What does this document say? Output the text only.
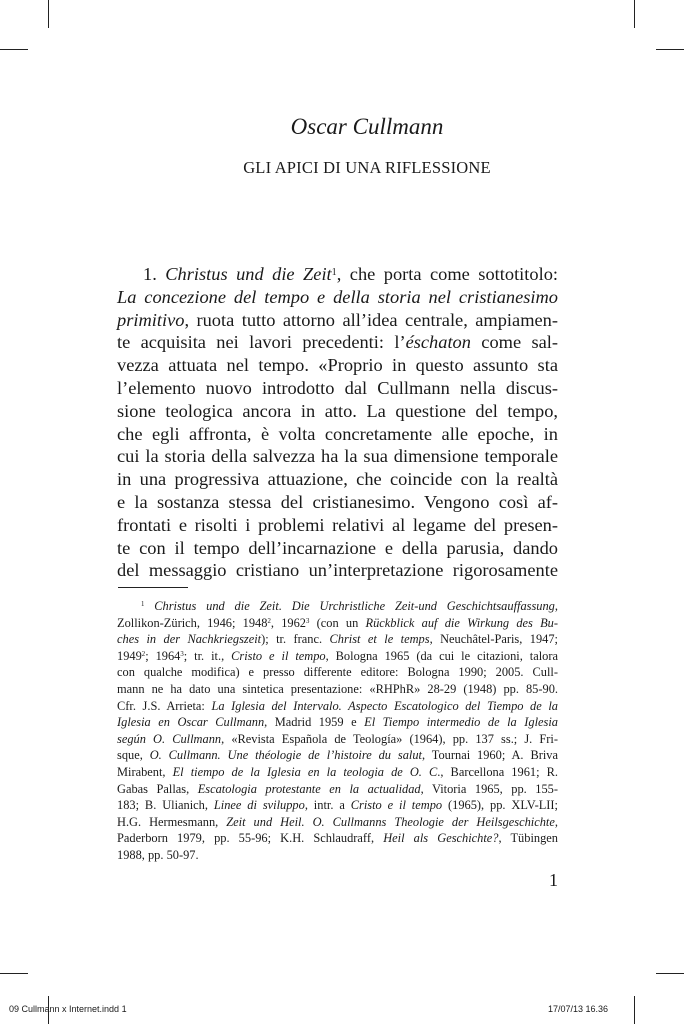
Oscar Cullmann
GLI APICI DI UNA RIFLESSIONE
1. Christus und die Zeit$^1$, che porta come sottotitolo:
La concezione del tempo e della storia nel cristianesimo
primitivo, ruota tutto attorno all’idea centrale, ampiamen-
te acquisita nei lavori precedenti: l’éschaton come sal-
vezza attuata nel tempo. «Proprio in questo assunto sta
l’elemento nuovo introdotto dal Cullmann nella discus-
sione teologica ancora in atto. La questione del tempo,
che egli affronta, è volta concretamente alle epoche, in
cui la storia della salvezza ha la sua dimensione temporale
in una progressiva attuazione, che coincide con la realtà
e la sostanza stessa del cristianesimo. Vengono così af-
frontati e risolti i problemi relativi al legame del presen-
te con il tempo dell’incarnazione e della parusia, dando
del messaggio cristiano un’interpretazione rigorosamente
$^1$ Christus und die Zeit. Die Urchristliche Zeit-und Geschichtsauffassung,
Zollikon-Zürich, 1946; 1948$^2$, 1962$^3$ (con un Rückblick auf die Wirkung des Bu-
ches in der Nachkriegszeit); tr. franc. Christ et le temps, Neuchâtel-Paris, 1947;
1949$^2$; 1964$^3$; tr. it., Cristo e il tempo, Bologna 1965 (da cui le citazioni, talora
con qualche modifica) e presso differente editore: Bologna 1990; 2005. Cull-
mann ne ha dato una sintetica presentazione: «RHPhR» 28-29 (1948) pp. 85-90.
Cfr. J.S. Arrieta: La Iglesia del Intervalo. Aspecto Escatologico del Tiempo de la
Iglesia en Oscar Cullmann, Madrid 1959 e El Tiempo intermedio de la Iglesia
según O. Cullmann, «Revista Española de Teología» (1964), pp. 137 ss.; J. Fri-
sque, O. Cullmann. Une théologie de l’histoire du salut, Tournai 1960; A. Briva
Mirabent, El tiempo de la Iglesia en la teologia de O. C., Barcellona 1961; R.
Gabas Pallas, Escatologia protestante en la actualidad, Vitoria 1965, pp. 155-
183; B. Ulianich, Linee di sviluppo, intr. a Cristo e il tempo (1965), pp. XLV-LII;
H.G. Hermesmann, Zeit und Heil. O. Cullmanns Theologie der Heilsgeschichte,
Paderborn 1979, pp. 55-96; K.H. Schlaudraff, Heil als Geschichte?, Tübingen
1988, pp. 50-97.
1
09 Cullmann x Internet.indd 1	17/07/13 16.36
